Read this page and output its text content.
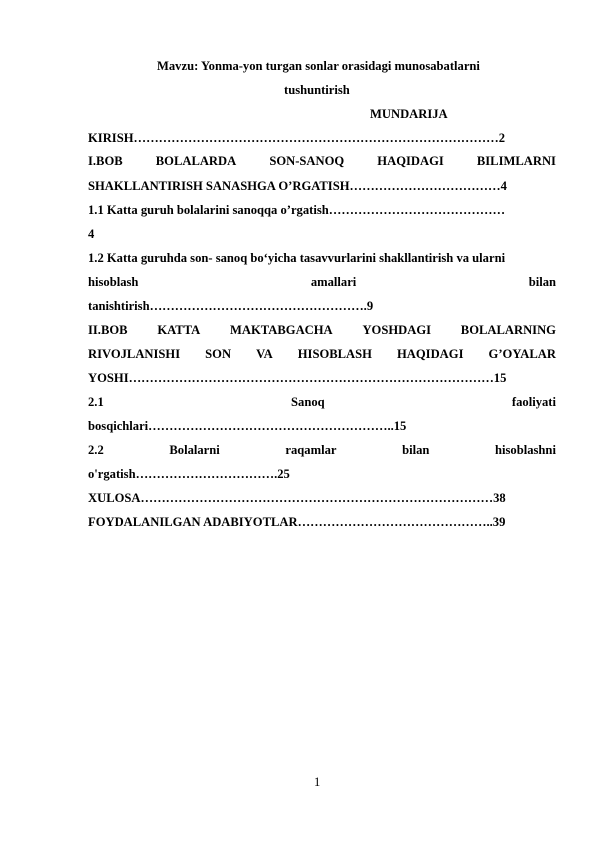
Mavzu: Yonma-yon turgan sonlar orasidagi munosabatlarni
tushuntirish
MUNDARIJA
KIRISH……………………………………………………………………………2
I.BOB	BOLALARDA	SON-SANOQ	HAQIDAGI	BILIMLARNI
SHAKLLANTIRISH SANASHGA O’RGATISH………………………………4
1.1 Katta guruh bolalarini sanoqqa o’rgatish……………………………………
4
1.2 Katta guruhda son- sanoq bo‘yicha tasavvurlarini shakllantirish va ularni
hisoblash	amallari	bilan
tanishtirish…………………………………………….9
II.BOB KATTA MAKTABGACHA YOSHDAGI BOLALARNING
RIVOJLANISHI SON VA HISOBLASH HAQIDAGI G’OYALAR
YOSHI……………………………………………………………………………15
2.1	Sanoq	faoliyati
bosqichlari…………………………………………………..15
2.2	Bolalarni	raqamlar	bilan	hisoblashni
o'rgatish…………………………….25
XULOSA…………………………………………………………………………38
FOYDALANILGAN ADABIYOTLAR………………………………………..39
1
